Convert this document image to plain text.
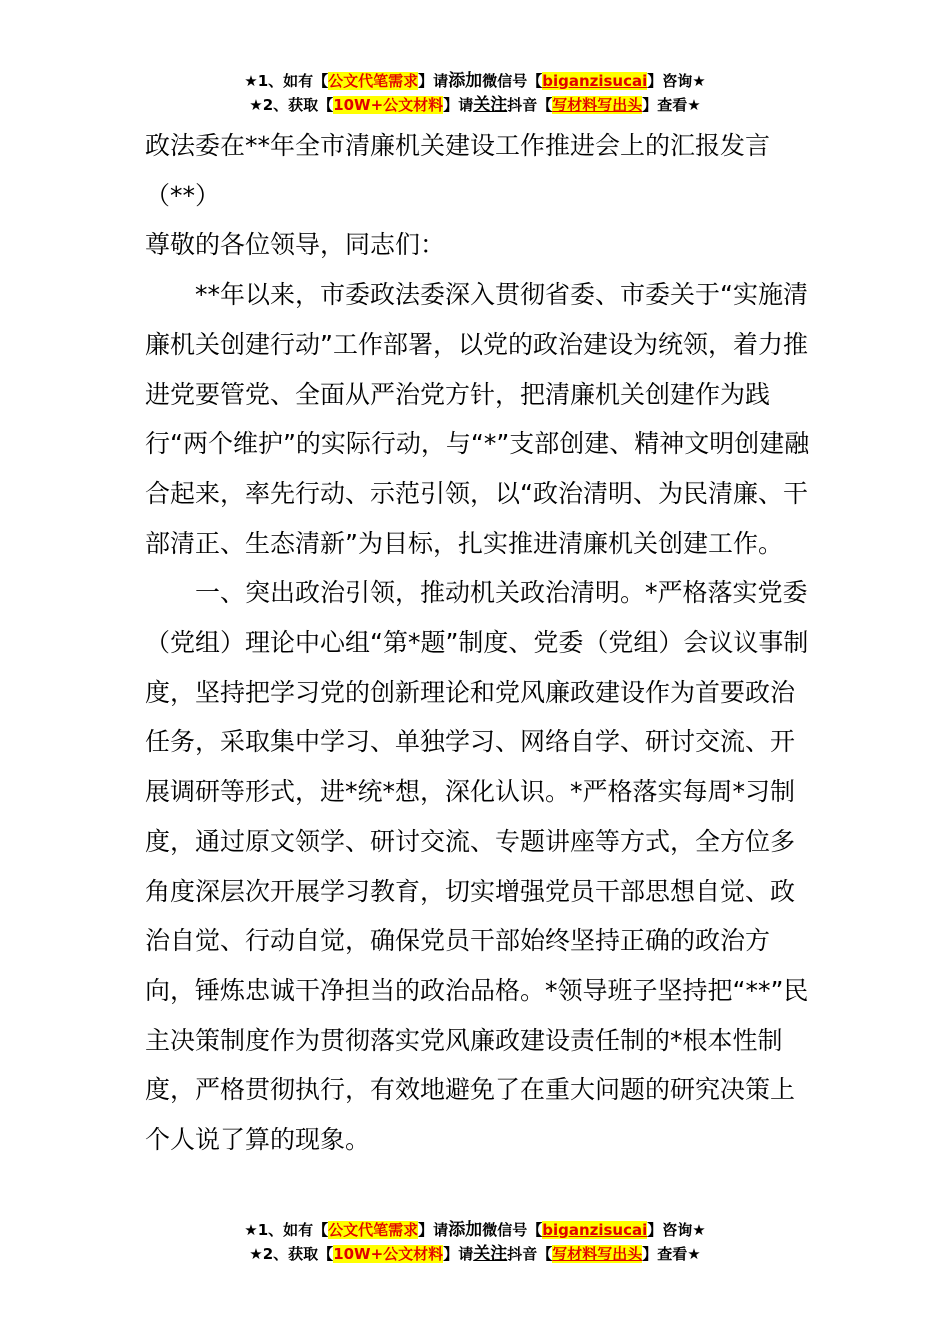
★1、如有【公文代笔需求】请添加微信号【biganzisucai】咨询★
★2、获取【10W+公文材料】请关注抖音【写材料写出头】查看★

政法委在**年全市清廉机关建设工作推进会上的汇报发言（**）

尊敬的各位领导，同志们：

**年以来，市委政法委深入贯彻省委、市委关于“实施清廉机关创建行动”工作部署，以党的政治建设为统领，着力推进党要管党、全面从严治党方针，把清廉机关创建作为践行“两个维护”的实际行动，与“*”支部创建、精神文明创建融合起来，率先行动、示范引领，以“政治清明、为民清廉、干部清正、生态清新”为目标，扎实推进清廉机关创建工作。

一、突出政治引领，推动机关政治清明。*严格落实党委（党组）理论中心组“第*题”制度、党委（党组）会议议事制度，坚持把学习党的创新理论和党风廉政建设作为首要政治任务，采取集中学习、单独学习、网络自学、研讨交流、开展调研等形式，进*统*想，深化认识。*严格落实每周*习制度，通过原文领学、研讨交流、专题讲座等方式，全方位多角度深层次开展学习教育，切实增强党员干部思想自觉、政治自觉、行动自觉，确保党员干部始终坚持正确的政治方向，锤炼忠诚干净担当的政治品格。*领导班子坚持把“**”民主决策制度作为贯彻落实党风廉政建设责任制的*根本性制度，严格贯彻执行，有效地避免了在重大问题的研究决策上个人说了算的现象。

★1、如有【公文代笔需求】请添加微信号【biganzisucai】咨询★
★2、获取【10W+公文材料】请关注抖音【写材料写出头】查看★
